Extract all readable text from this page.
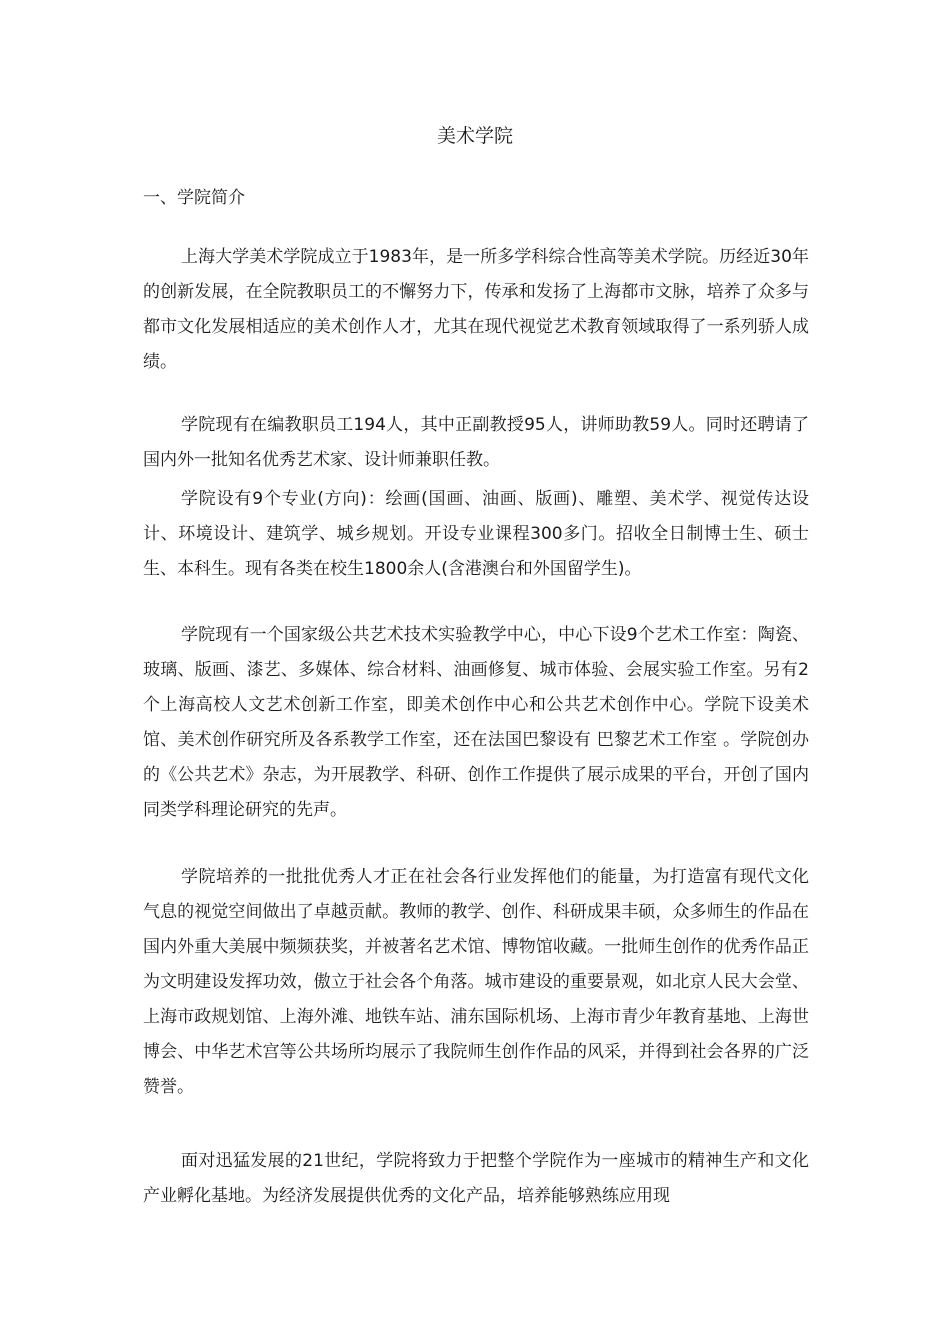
美术学院
一、学院简介

上海大学美术学院成立于1983年，是一所多学科综合性高等美术学院。历经近30年的创新发展，在全院教职员工的不懈努力下，传承和发扬了上海都市文脉，培养了众多与都市文化发展相适应的美术创作人才，尤其在现代视觉艺术教育领域取得了一系列骄人成绩。

学院现有在编教职员工194人，其中正副教授95人，讲师助教59人。同时还聘请了国内外一批知名优秀艺术家、设计师兼职任教。

学院设有9个专业(方向)：绘画(国画、油画、版画)、雕塑、美术学、视觉传达设计、环境设计、建筑学、城乡规划。开设专业课程300多门。招收全日制博士生、硕士生、本科生。现有各类在校生1800余人(含港澳台和外国留学生)。

学院现有一个国家级公共艺术技术实验教学中心，中心下设9个艺术工作室：陶瓷、玻璃、版画、漆艺、多媒体、综合材料、油画修复、城市体验、会展实验工作室。另有2个上海高校人文艺术创新工作室，即美术创作中心和公共艺术创作中心。学院下设美术馆、美术创作研究所及各系教学工作室，还在法国巴黎设有 巴黎艺术工作室 。学院创办的《公共艺术》杂志，为开展教学、科研、创作工作提供了展示成果的平台，开创了国内同类学科理论研究的先声。

学院培养的一批批优秀人才正在社会各行业发挥他们的能量，为打造富有现代文化气息的视觉空间做出了卓越贡献。教师的教学、创作、科研成果丰硕，众多师生的作品在国内外重大美展中频频获奖，并被著名艺术馆、博物馆收藏。一批师生创作的优秀作品正为文明建设发挥功效，傲立于社会各个角落。城市建设的重要景观，如北京人民大会堂、上海市政规划馆、上海外滩、地铁车站、浦东国际机场、上海市青少年教育基地、上海世博会、中华艺术宫等公共场所均展示了我院师生创作作品的风采，并得到社会各界的广泛赞誉。

面对迅猛发展的21世纪，学院将致力于把整个学院作为一座城市的精神生产和文化产业孵化基地。为经济发展提供优秀的文化产品，培养能够熟练应用现
